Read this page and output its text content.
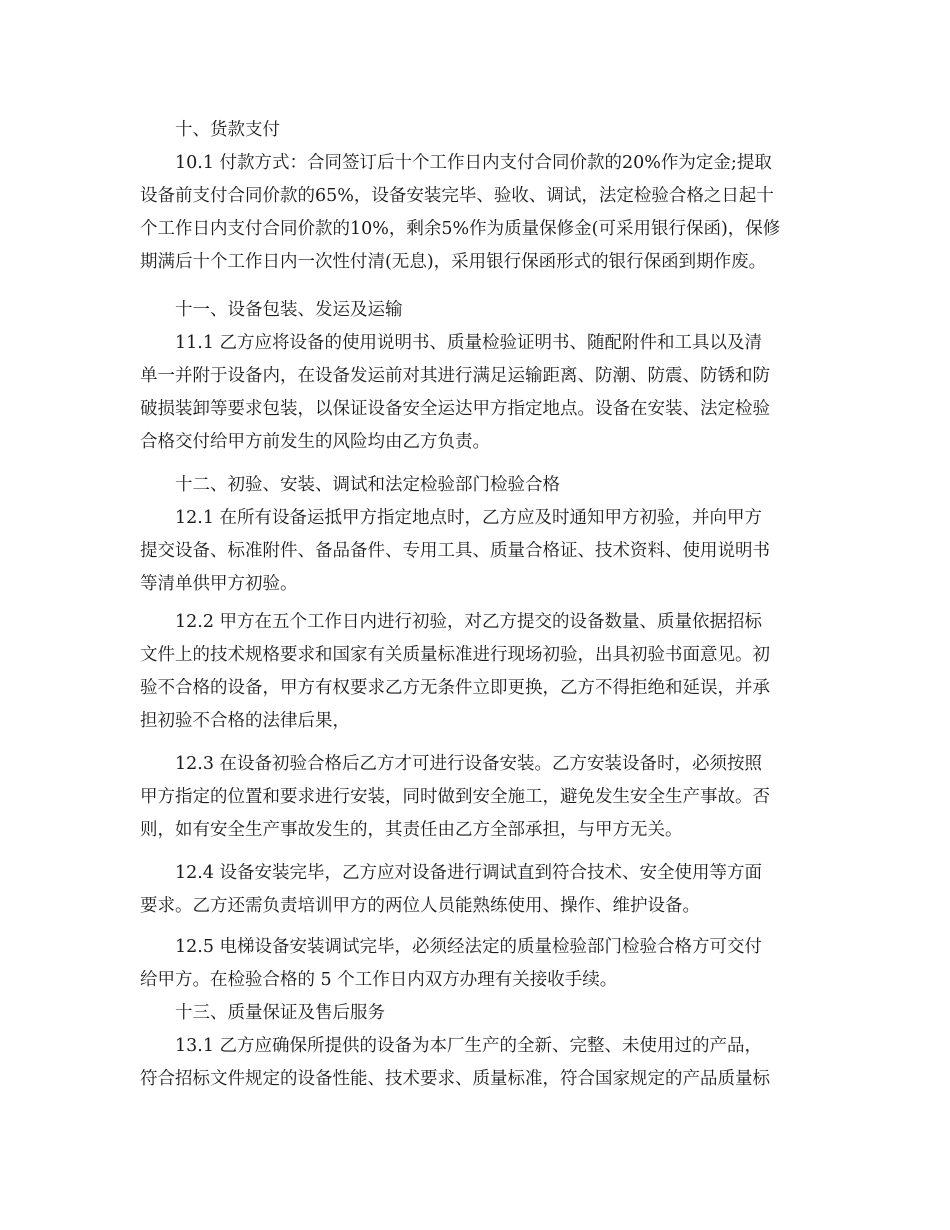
十、货款支付
10.1 付款方式：合同签订后十个工作日内支付合同价款的20%作为定金;提取
设备前支付合同价款的65%，设备安装完毕、验收、调试，法定检验合格之日起十
个工作日内支付合同价款的10%，剩余5%作为质量保修金(可采用银行保函)，保修
期满后十个工作日内一次性付清(无息)，采用银行保函形式的银行保函到期作废。
十一、设备包装、发运及运输
11.1 乙方应将设备的使用说明书、质量检验证明书、随配附件和工具以及清
单一并附于设备内，在设备发运前对其进行满足运输距离、防潮、防震、防锈和防
破损装卸等要求包装，以保证设备安全运达甲方指定地点。设备在安装、法定检验
合格交付给甲方前发生的风险均由乙方负责。
十二、初验、安装、调试和法定检验部门检验合格
12.1 在所有设备运抵甲方指定地点时，乙方应及时通知甲方初验，并向甲方
提交设备、标准附件、备品备件、专用工具、质量合格证、技术资料、使用说明书
等清单供甲方初验。
12.2 甲方在五个工作日内进行初验，对乙方提交的设备数量、质量依据招标
文件上的技术规格要求和国家有关质量标准进行现场初验，出具初验书面意见。初
验不合格的设备，甲方有权要求乙方无条件立即更换，乙方不得拒绝和延误，并承
担初验不合格的法律后果，
12.3 在设备初验合格后乙方才可进行设备安装。乙方安装设备时，必须按照
甲方指定的位置和要求进行安装，同时做到安全施工，避免发生安全生产事故。否
则，如有安全生产事故发生的，其责任由乙方全部承担，与甲方无关。
12.4 设备安装完毕，乙方应对设备进行调试直到符合技术、安全使用等方面
要求。乙方还需负责培训甲方的两位人员能熟练使用、操作、维护设备。
12.5 电梯设备安装调试完毕，必须经法定的质量检验部门检验合格方可交付
给甲方。在检验合格的 5 个工作日内双方办理有关接收手续。
十三、质量保证及售后服务
13.1 乙方应确保所提供的设备为本厂生产的全新、完整、未使用过的产品，
符合招标文件规定的设备性能、技术要求、质量标准，符合国家规定的产品质量标
